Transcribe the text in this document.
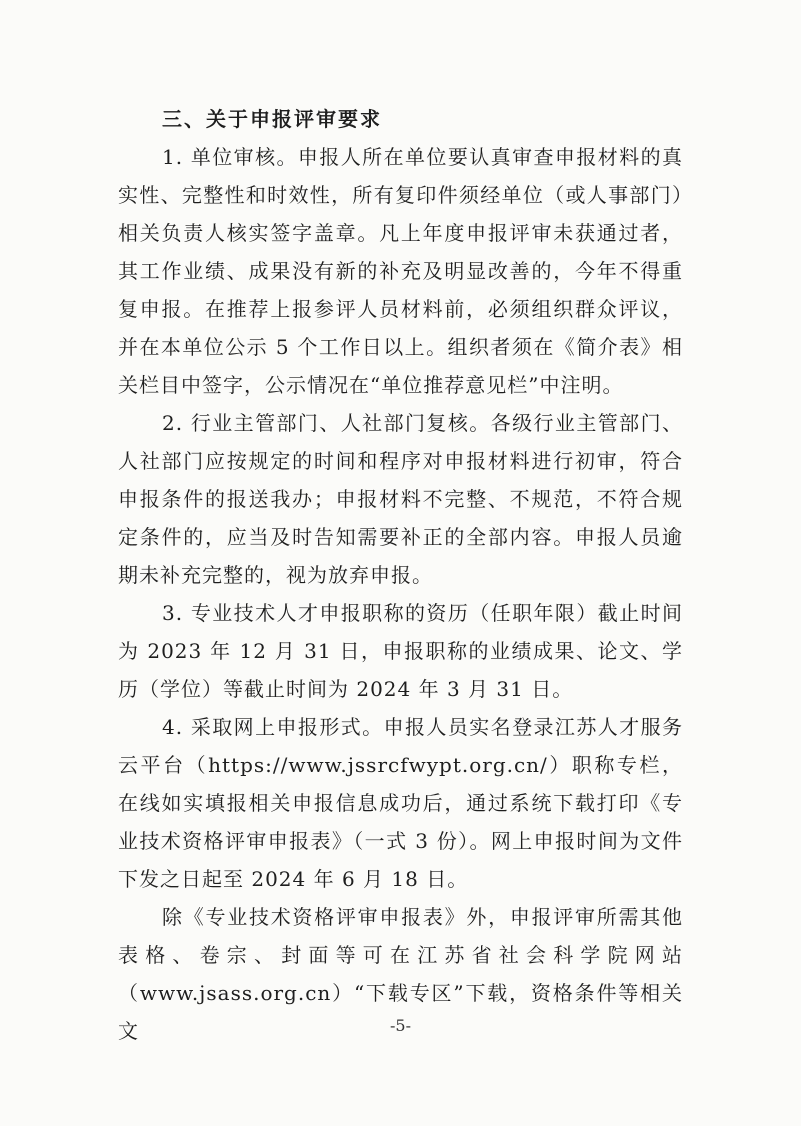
三、关于申报评审要求

1. 单位审核。申报人所在单位要认真审查申报材料的真实性、完整性和时效性，所有复印件须经单位（或人事部门）相关负责人核实签字盖章。凡上年度申报评审未获通过者，其工作业绩、成果没有新的补充及明显改善的，今年不得重复申报。在推荐上报参评人员材料前，必须组织群众评议，并在本单位公示 5 个工作日以上。组织者须在《简介表》相关栏目中签字，公示情况在“单位推荐意见栏”中注明。

2. 行业主管部门、人社部门复核。各级行业主管部门、人社部门应按规定的时间和程序对申报材料进行初审，符合申报条件的报送我办；申报材料不完整、不规范，不符合规定条件的，应当及时告知需要补正的全部内容。申报人员逾期未补充完整的，视为放弃申报。

3. 专业技术人才申报职称的资历（任职年限）截止时间为 2023 年 12 月 31 日，申报职称的业绩成果、论文、学历（学位）等截止时间为 2024 年 3 月 31 日。

4. 采取网上申报形式。申报人员实名登录江苏人才服务云平台（https://www.jssrcfwypt.org.cn/）职称专栏，在线如实填报相关申报信息成功后，通过系统下载打印《专业技术资格评审申报表》（一式 3 份）。网上申报时间为文件下发之日起至 2024 年 6 月 18 日。

除《专业技术资格评审申报表》外，申报评审所需其他表格、卷宗、封面等可在江苏省社会科学院网站（www.jsass.org.cn）“下载专区”下载，资格条件等相关文	-5-
